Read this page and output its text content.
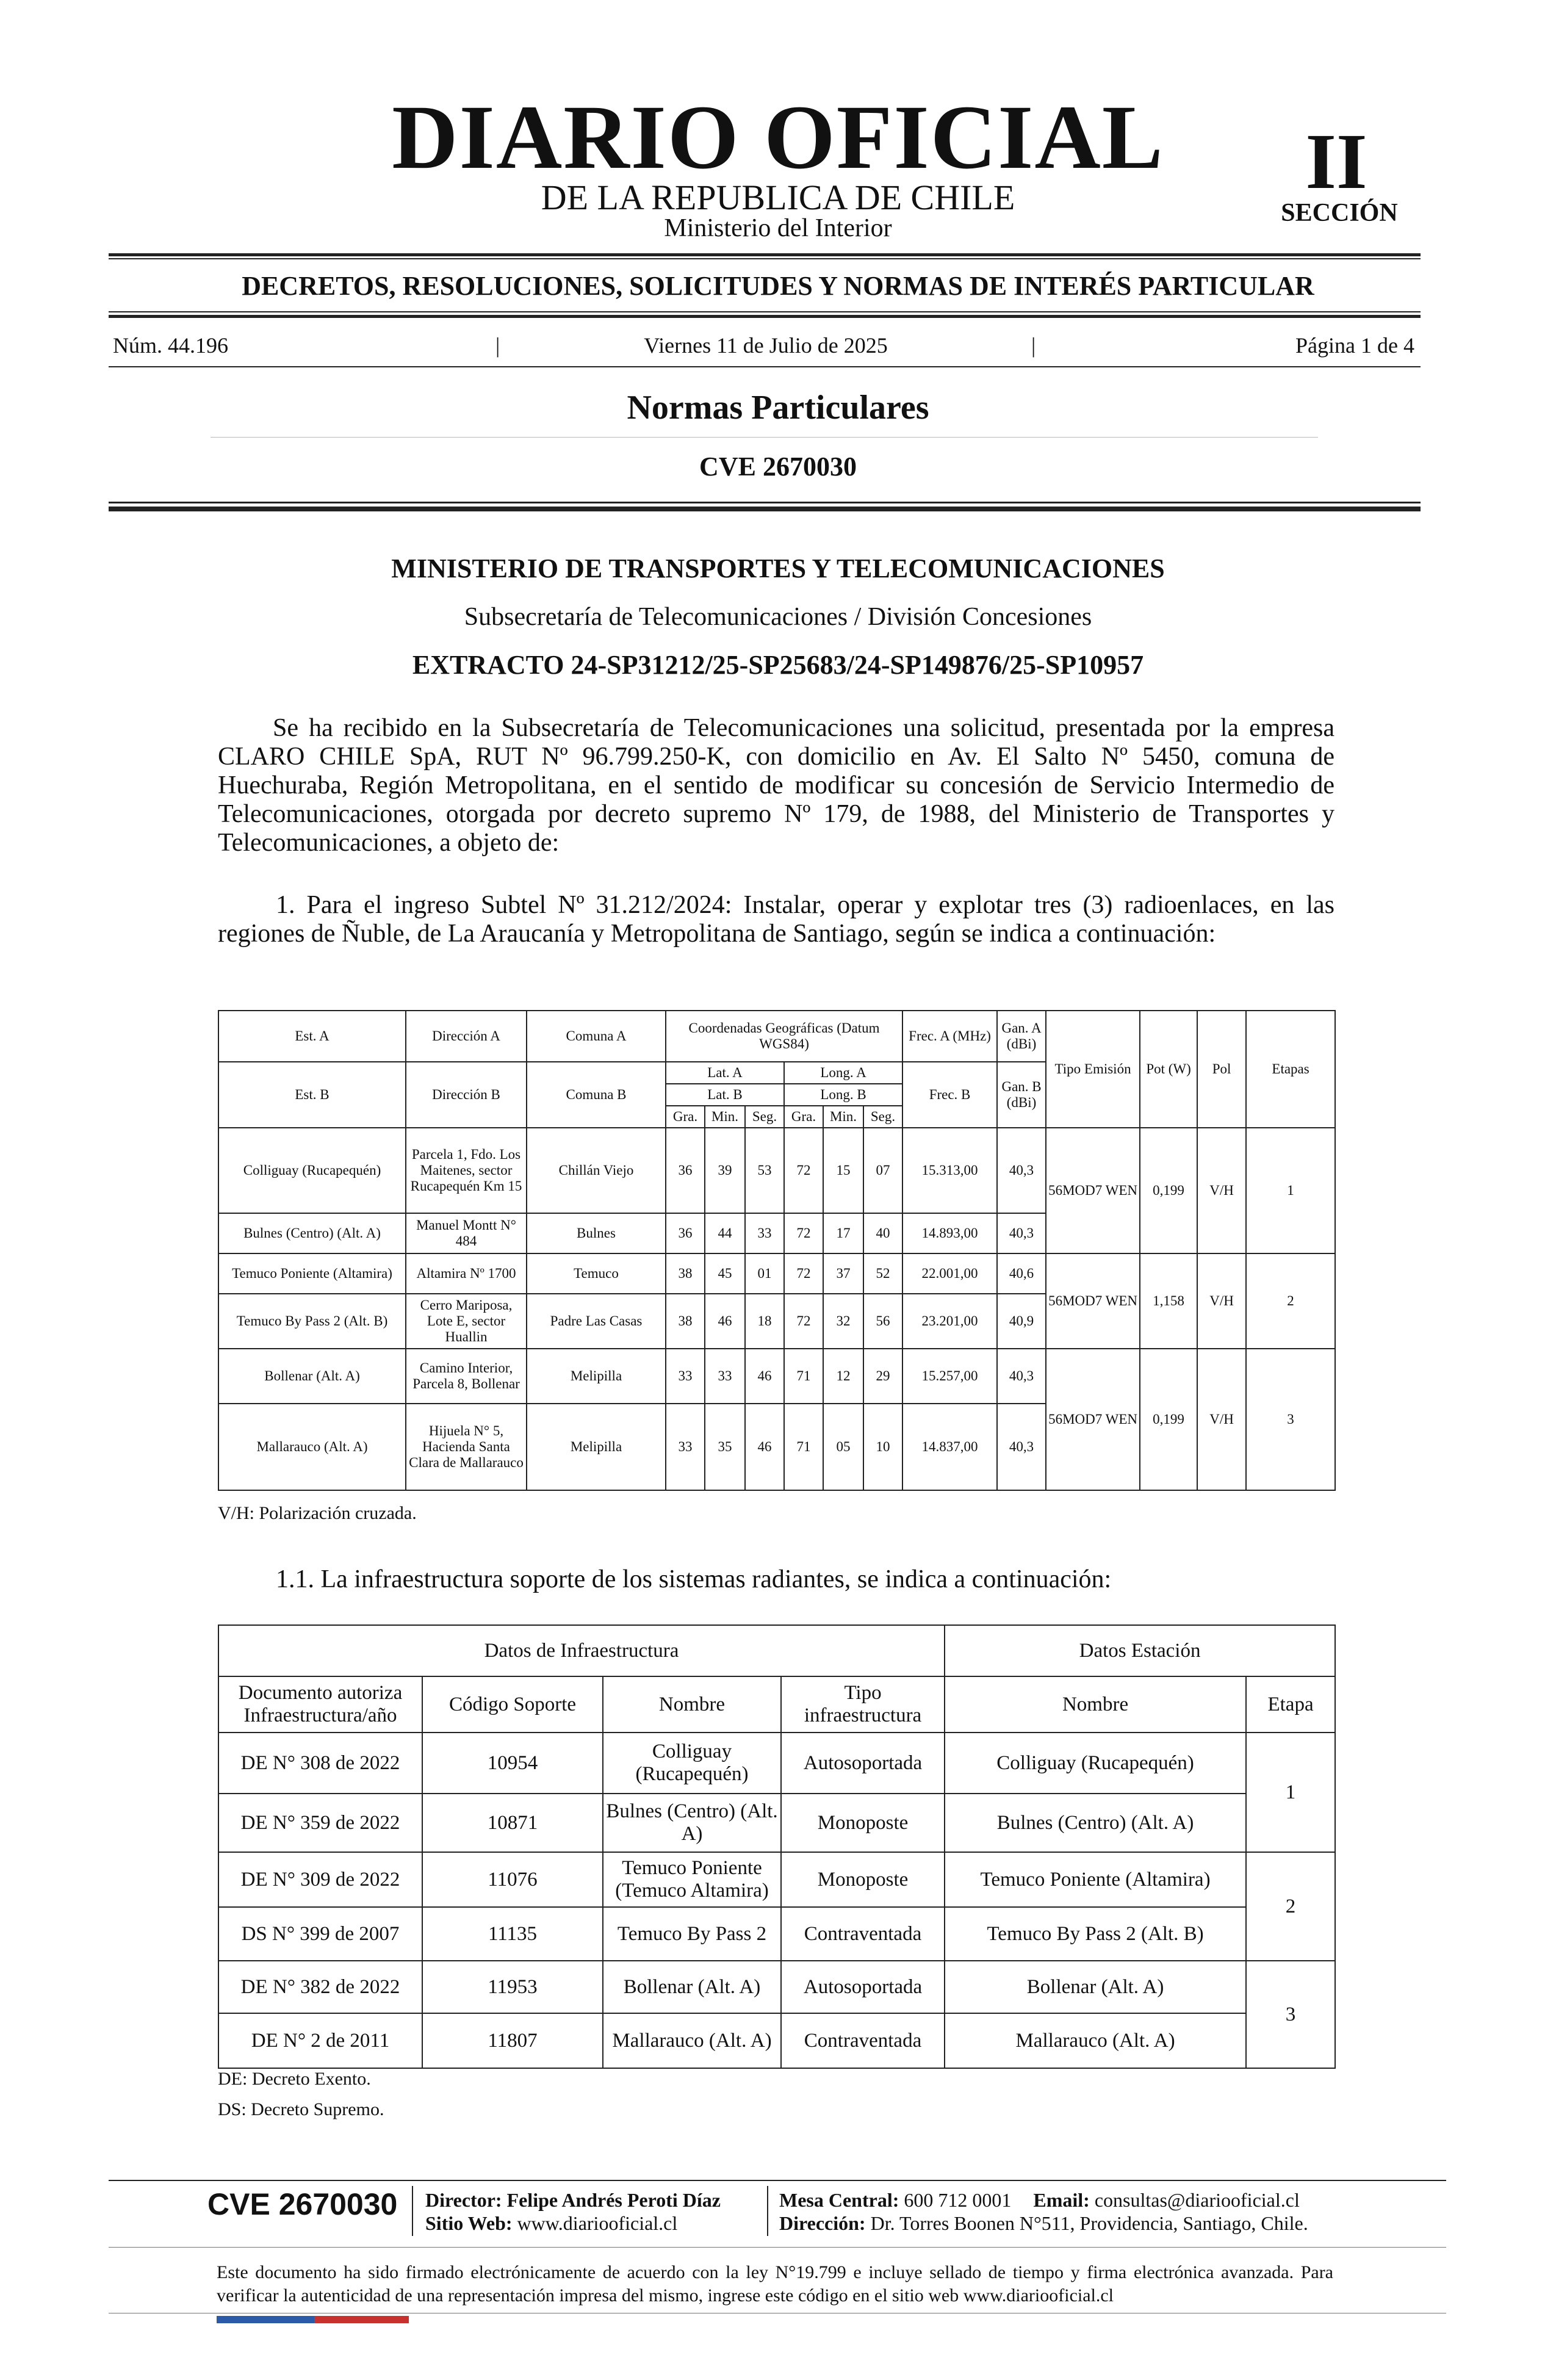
DIARIO OFICIAL
DE LA REPUBLICA DE CHILE
Ministerio del Interior
II
SECCIÓN
DECRETOS, RESOLUCIONES, SOLICITUDES Y NORMAS DE INTERÉS PARTICULAR
Núm. 44.196	|	Viernes 11 de Julio de 2025	|	Página 1 de 4
Normas Particulares
CVE 2670030
MINISTERIO DE TRANSPORTES Y TELECOMUNICACIONES
Subsecretaría de Telecomunicaciones / División Concesiones
EXTRACTO 24-SP31212/25-SP25683/24-SP149876/25-SP10957

Se ha recibido en la Subsecretaría de Telecomunicaciones una solicitud, presentada por la empresa CLARO CHILE SpA, RUT Nº 96.799.250-K, con domicilio en Av. El Salto Nº 5450, comuna de Huechuraba, Región Metropolitana, en el sentido de modificar su concesión de Servicio Intermedio de Telecomunicaciones, otorgada por decreto supremo Nº 179, de 1988, del Ministerio de Transportes y Telecomunicaciones, a objeto de:

1. Para el ingreso Subtel Nº 31.212/2024: Instalar, operar y explotar tres (3) radioenlaces, en las regiones de Ñuble, de La Araucanía y Metropolitana de Santiago, según se indica a continuación:

Est. A	Dirección A	Comuna A	Coordenadas Geográficas (Datum WGS84)						Frec. A (MHz)	Gan. A (dBi)	Tipo Emisión	Pot (W)	Pol	Etapas
Est. B	Dirección B	Comuna B	Lat. A			Long. A			Frec. B	Gan. B (dBi)				
			Lat. B			Long. B								
			Gra.	Min.	Seg.	Gra.	Min.	Seg.						
Colliguay (Rucapequén)	Parcela 1, Fdo. Los Maitenes, sector Rucapequén Km 15	Chillán Viejo	36	39	53	72	15	07	15.313,00	40,3	56MOD7 WEN	0,199	V/H	1
Bulnes (Centro) (Alt. A)	Manuel Montt N° 484	Bulnes	36	44	33	72	17	40	14.893,00	40,3				
Temuco Poniente (Altamira)	Altamira Nº 1700	Temuco	38	45	01	72	37	52	22.001,00	40,6	56MOD7 WEN	1,158	V/H	2
Temuco By Pass 2 (Alt. B)	Cerro Mariposa, Lote E, sector Huallin	Padre Las Casas	38	46	18	72	32	56	23.201,00	40,9				
Bollenar (Alt. A)	Camino Interior, Parcela 8, Bollenar	Melipilla	33	33	46	71	12	29	15.257,00	40,3	56MOD7 WEN	0,199	V/H	3
Mallarauco (Alt. A)	Hijuela N° 5, Hacienda Santa Clara de Mallarauco	Melipilla	33	35	46	71	05	10	14.837,00	40,3				
V/H: Polarización cruzada.
1.1. La infraestructura soporte de los sistemas radiantes, se indica a continuación:
Datos de Infraestructura				Datos Estación	
Documento autoriza Infraestructura/año	Código Soporte	Nombre	Tipo infraestructura	Nombre	Etapa
DE N° 308 de 2022	10954	Colliguay (Rucapequén)	Autosoportada	Colliguay (Rucapequén)	1
DE N° 359 de 2022	10871	Bulnes (Centro) (Alt. A)	Monoposte	Bulnes (Centro) (Alt. A)	
DE N° 309 de 2022	11076	Temuco Poniente (Temuco Altamira)	Monoposte	Temuco Poniente (Altamira)	2
DS N° 399 de 2007	11135	Temuco By Pass 2	Contraventada	Temuco By Pass 2 (Alt. B)	
DE N° 382 de 2022	11953	Bollenar (Alt. A)	Autosoportada	Bollenar (Alt. A)	3
DE N° 2 de 2011	11807	Mallarauco (Alt. A)	Contraventada	Mallarauco (Alt. A)	
DE: Decreto Exento.
DS: Decreto Supremo.
CVE 2670030 Director: Felipe Andrés Peroti Díaz
Sitio Web: www.diariooficial.cl
Mesa Central: 600 712 0001 Email: consultas@diariooficial.cl
Dirección: Dr. Torres Boonen N°511, Providencia, Santiago, Chile.
Este documento ha sido firmado electrónicamente de acuerdo con la ley N°19.799 e incluye sellado de tiempo y firma electrónica avanzada. Para verificar la autenticidad de una representación impresa del mismo, ingrese este código en el sitio web www.diariooficial.cl
